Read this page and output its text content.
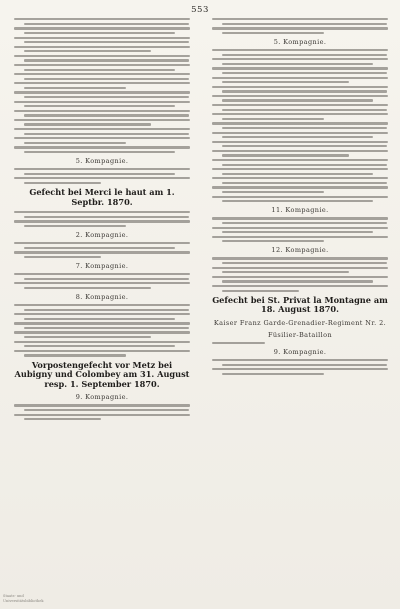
553
5. Kompagnie.
Gefecht bei Merci le haut am 1. Septbr. 1870.
2. Kompagnie.
7. Kompagnie.
8. Kompagnie.
Vorpostengefecht vor Metz bei Aubigny und Colombey am 31. August resp. 1. September 1870.
9. Kompagnie.
5. Kompagnie.
11. Kompagnie.
12. Kompagnie.
Gefecht bei St. Privat la Montagne am 18. August 1870.
Kaiser Franz Garde-Grenadier-Regiment Nr. 2.
Füsilier-Bataillon
9. Kompagnie.
Staats- und Universitätsbibliothek
